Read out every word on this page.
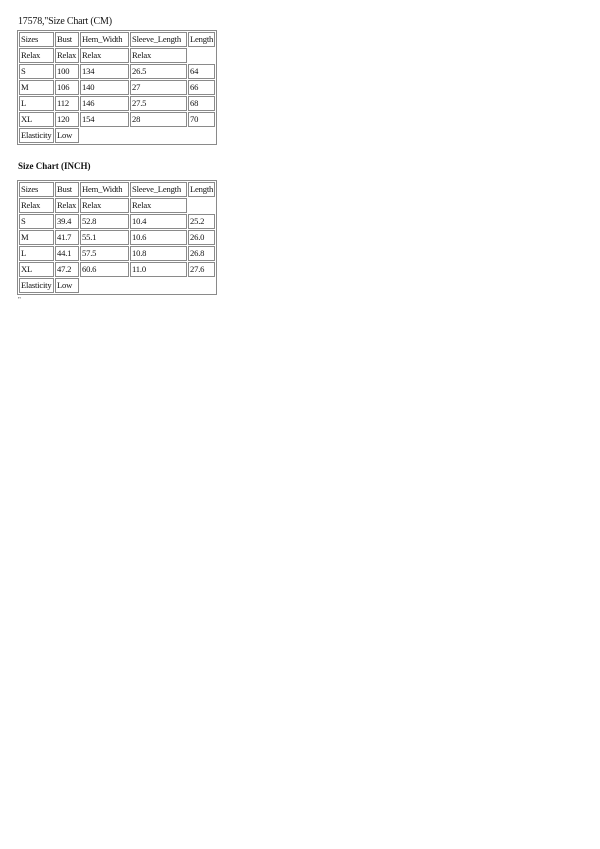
17578,"Size Chart (CM)
Sizes	Bust	Hem_Width	Sleeve_Length	Length
Relax	Relax	Relax	Relax	
S	100	134	26.5	64
M	106	140	27	66
L	112	146	27.5	68
XL	120	154	28	70
Elasticity	Low			
Size Chart (INCH)
Sizes	Bust	Hem_Width	Sleeve_Length	Length
Relax	Relax	Relax	Relax	
S	39.4	52.8	10.4	25.2
M	41.7	55.1	10.6	26.0
L	44.1	57.5	10.8	26.8
XL	47.2	60.6	11.0	27.6
Elasticity	Low			
"
